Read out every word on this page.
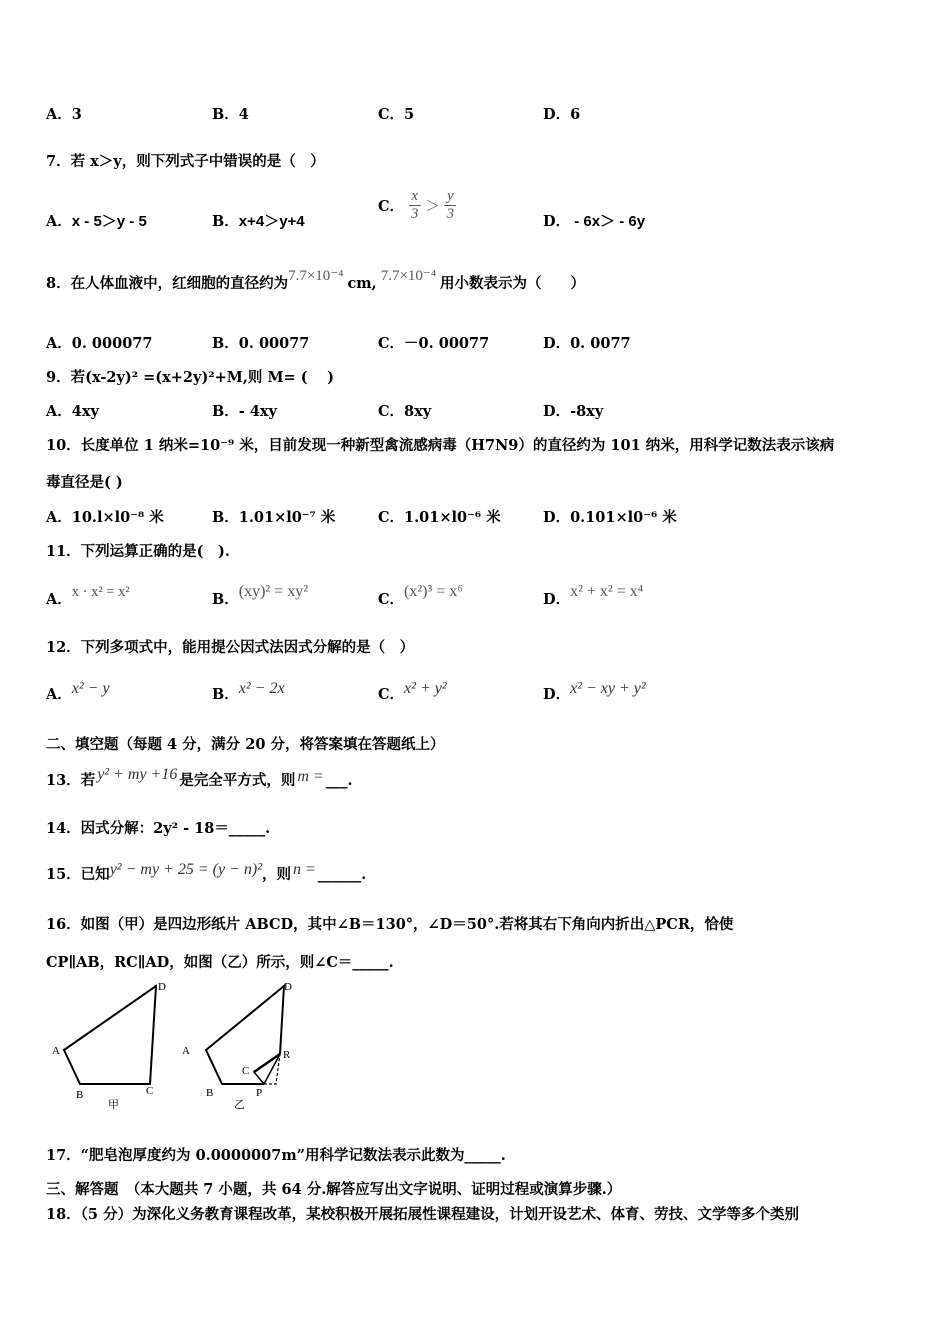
A．3	B．4	C．5	D．6
7．若 x＞y，则下列式子中错误的是（　）
A．x - 5＞y - 5	B．x+4＞y+4
C． $\frac{x}{3} > \frac{y}{3}$	D． - 6x＞ - 6y
8．在人体血液中，红细胞的直径约为7.7×10⁻⁴ cm, 7.7×10⁻⁴ 用小数表示为（　　）
A．0. 000077	B．0. 00077	C．－0. 00077	D．0. 0077
9．若(x-2y)² =(x+2y)²+M,则 M= (　 )
A．4xy	B．- 4xy	C．8xy	D．-8xy
10．长度单位 1 纳米=10⁻⁹ 米，目前发现一种新型禽流感病毒（H7N9）的直径约为 101 纳米，用科学记数法表示该病
毒直径是( )
A．10.l×l0⁻⁸ 米	B．1.01×l0⁻⁷ 米	C．1.01×l0⁻⁶ 米	D．0.101×l0⁻⁶ 米
11．下列运算正确的是(　).
A．x · x² = x²	B．(xy)² = xy²	C．(x²)³ = x⁶	D．x² + x² = x⁴
12．下列多项式中，能用提公因式法因式分解的是（　）
A．x² − y	B．x² − 2x	C．x² + y²	D．x² − xy + y²
二、填空题（每题 4 分，满分 20 分，将答案填在答题纸上）
13．若 y² + my +16 是完全平方式，则 m = ___.
14．因式分解：2y² - 18＝_____.
15．已知y² − my + 25 = (y − n)²，则 n = ______.
16．如图（甲）是四边形纸片 ABCD，其中∠B＝130°，∠D＝50°.若将其右下角向内折出△PCR，恰使
CP∥AB，RC∥AD，如图（乙）所示，则∠C＝_____.
D
A
B	C
甲
D
A	R
C
B	P
乙
17．“肥皂泡厚度约为 0.0000007m”用科学记数法表示此数为_____.
三、解答题　（本大题共 7 小题，共 64 分.解答应写出文字说明、证明过程或演算步骤.）
18．（5 分）为深化义务教育课程改革，某校积极开展拓展性课程建设，计划开设艺术、体育、劳技、文学等多个类别
